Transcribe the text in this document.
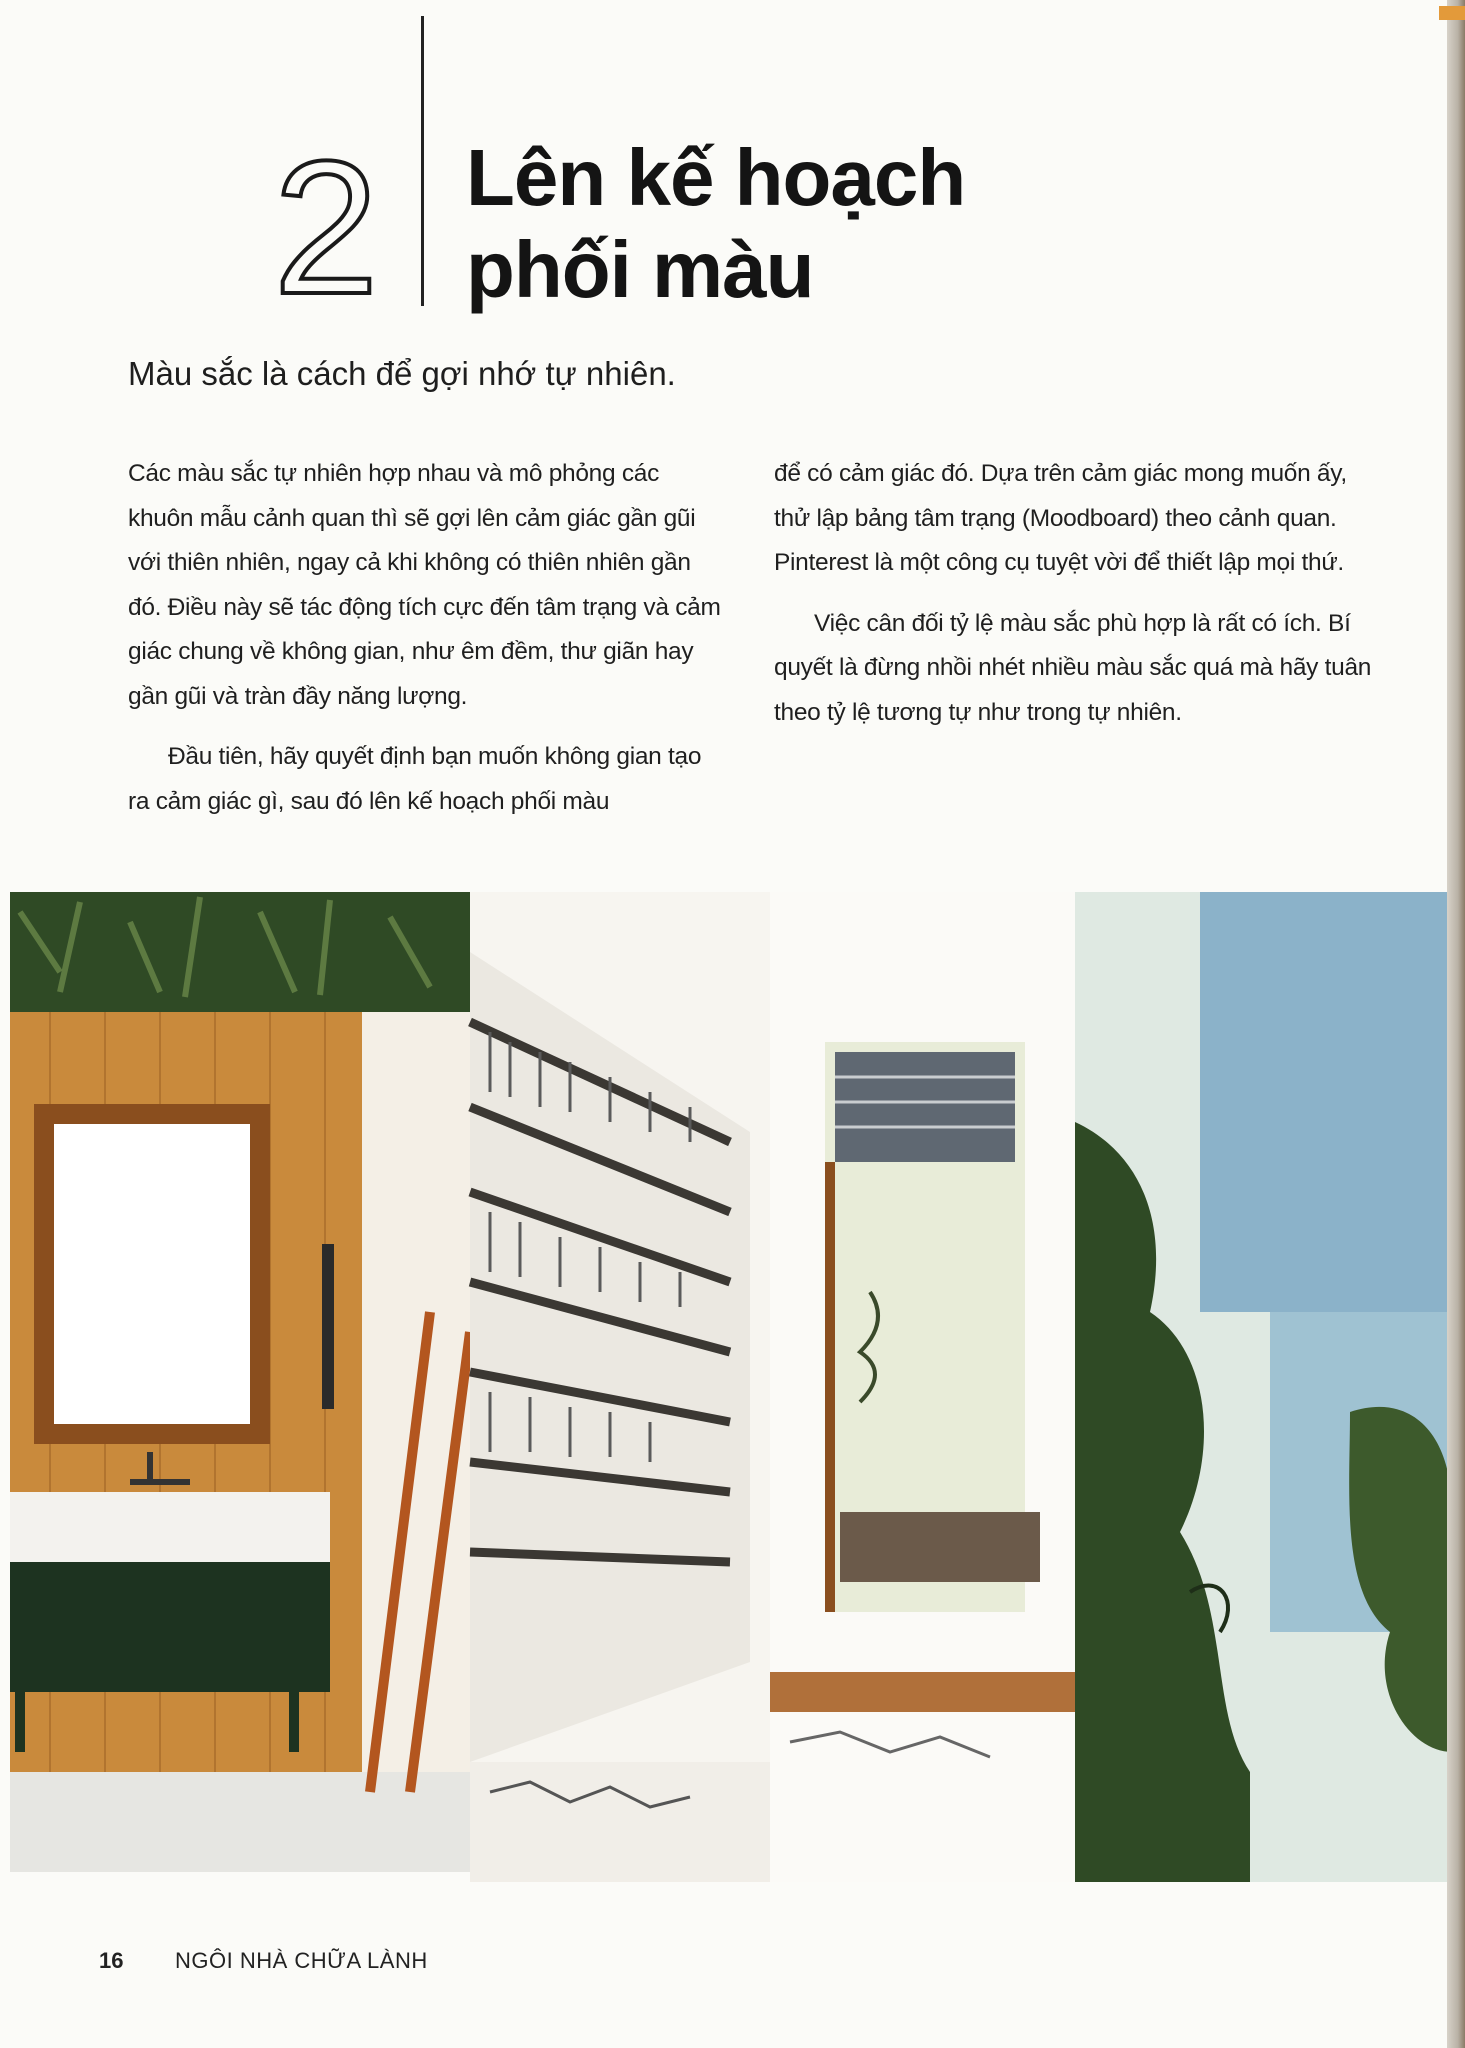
2 Lên kế hoạch
phối màu

Màu sắc là cách để gợi nhớ tự nhiên.

Các màu sắc tự nhiên hợp nhau và mô phỏng các khuôn mẫu cảnh quan thì sẽ gợi lên cảm giác gần gũi với thiên nhiên, ngay cả khi không có thiên nhiên gần đó. Điều này sẽ tác động tích cực đến tâm trạng và cảm giác chung về không gian, như êm đềm, thư giãn hay gần gũi và tràn đầy năng lượng.

Đầu tiên, hãy quyết định bạn muốn không gian tạo ra cảm giác gì, sau đó lên kế hoạch phối màu

để có cảm giác đó. Dựa trên cảm giác mong muốn ấy, thử lập bảng tâm trạng (Moodboard) theo cảnh quan. Pinterest là một công cụ tuyệt vời để thiết lập mọi thứ.

Việc cân đối tỷ lệ màu sắc phù hợp là rất có ích. Bí quyết là đừng nhồi nhét nhiều màu sắc quá mà hãy tuân theo tỷ lệ tương tự như trong tự nhiên.

16 NGÔI NHÀ CHỮA LÀNH
